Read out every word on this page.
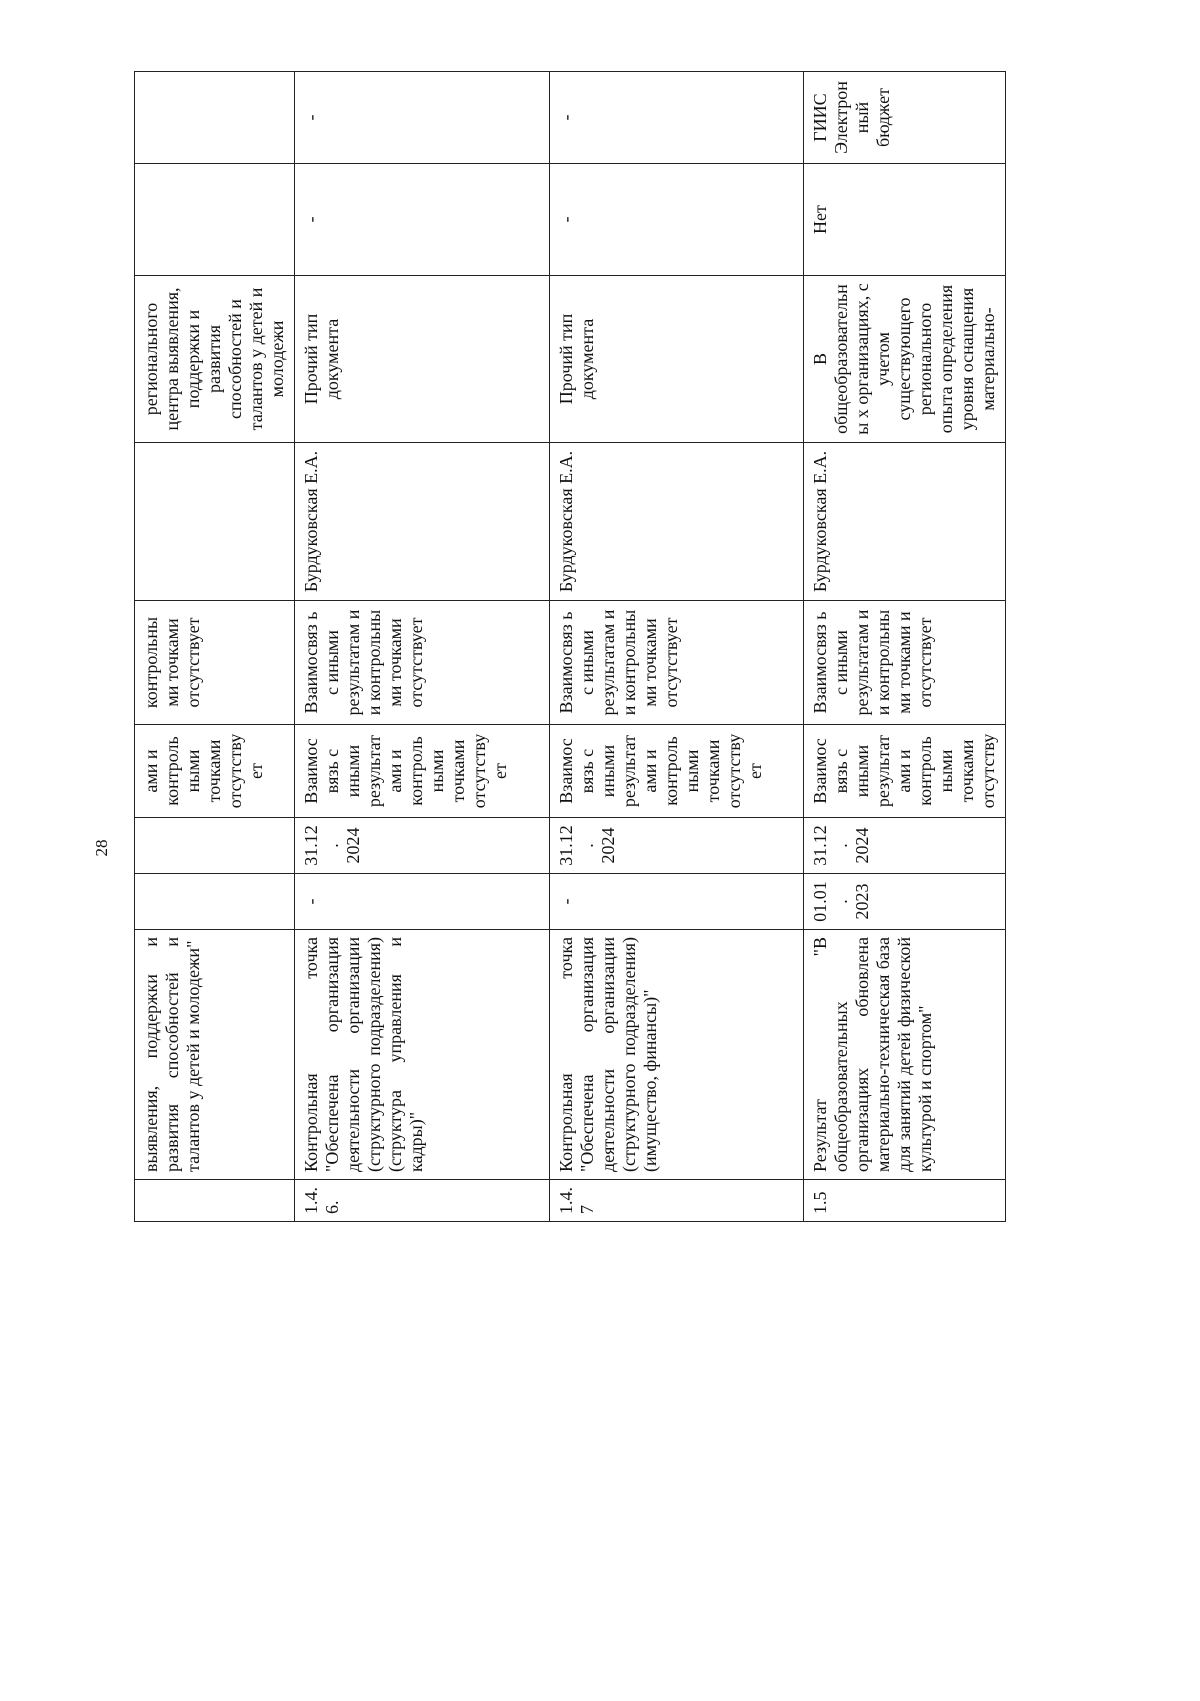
28
	выявления, поддержки и развития способностей и талантов у детей и молодежи"			ами и контроль ными точками отсутству ет	контрольны ми точками отсутствует		регионального центра выявления, поддержки и развития способностей и талантов у детей и молодежи		
1.4. 6.	Контрольная точка "Обеспечена организация деятельности организации (структурного подразделения) (структура управления и кадры)"	-	31.12. 2024	Взаимос вязь с иными результат ами и контроль ными точками отсутству ет	Взаимосвяз ь с иными результатам и и контрольны ми точками отсутствует	Бурдуковская Е.А.	Прочий тип документа	-	-
1.4. 7	Контрольная точка "Обеспечена организация деятельности организации (структурного подразделения) (имущество, финансы)"	-	31.12. 2024	Взаимос вязь с иными результат ами и контроль ными точками отсутству ет	Взаимосвяз ь с иными результатам и и контрольны ми точками отсутствует	Бурдуковская Е.А.	Прочий тип документа	-	-
1.5	Результат "В общеобразовательных организациях обновлена материально-техническая база для занятий детей физической культурой и спортом"	01.01. 2023	31.12. 2024	Взаимос вязь с иными результат ами и контроль ными точками отсутству	Взаимосвяз ь с иными результатам и и контрольны ми точками и отсутствует	Бурдуковская Е.А.	В общеобразовательны х организациях, с учетом существующего регионального опыта определения уровня оснащения материально-	Нет	ГИИС Электронный бюджет
